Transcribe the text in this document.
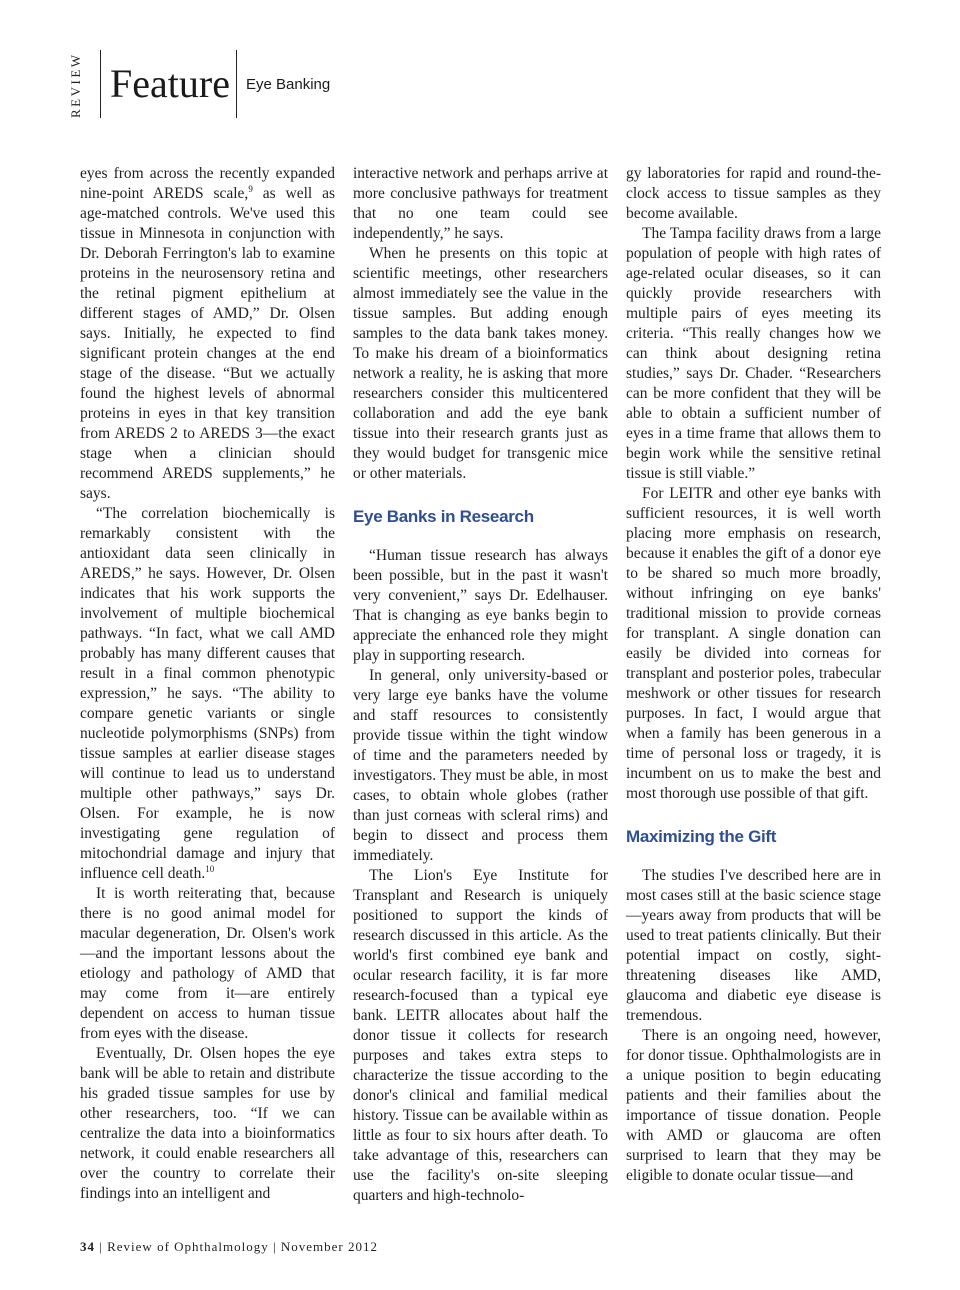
REVIEW Feature Eye Banking

eyes from across the recently expanded nine-point AREDS scale,$^9$ as well as age-matched controls. We've used this tissue in Minnesota in conjunction with Dr. Deborah Ferrington's lab to examine proteins in the neurosensory retina and the retinal pigment epithelium at different stages of AMD,” Dr. Olsen says. Initially, he expected to find significant protein changes at the end stage of the disease. “But we actually found the highest levels of abnormal proteins in eyes in that key transition from AREDS 2 to AREDS 3—the exact stage when a clinician should recommend AREDS supplements,” he says.

“The correlation biochemically is remarkably consistent with the antioxidant data seen clinically in AREDS,” he says. However, Dr. Olsen indicates that his work supports the involvement of multiple biochemical pathways. “In fact, what we call AMD probably has many different causes that result in a final common phenotypic expression,” he says. “The ability to compare genetic variants or single nucleotide polymorphisms (SNPs) from tissue samples at earlier disease stages will continue to lead us to understand multiple other pathways,” says Dr. Olsen. For example, he is now investigating gene regulation of mitochondrial damage and injury that influence cell death.$^{10}$

It is worth reiterating that, because there is no good animal model for macular degeneration, Dr. Olsen's work—and the important lessons about the etiology and pathology of AMD that may come from it—are entirely dependent on access to human tissue from eyes with the disease.

Eventually, Dr. Olsen hopes the eye bank will be able to retain and distribute his graded tissue samples for use by other researchers, too. “If we can centralize the data into a bioinformatics network, it could enable researchers all over the country to correlate their findings into an intelligent and

interactive network and perhaps arrive at more conclusive pathways for treatment that no one team could see independently,” he says.

When he presents on this topic at scientific meetings, other researchers almost immediately see the value in the tissue samples. But adding enough samples to the data bank takes money. To make his dream of a bioinformatics network a reality, he is asking that more researchers consider this multicentered collaboration and add the eye bank tissue into their research grants just as they would budget for transgenic mice or other materials.

Eye Banks in Research

“Human tissue research has always been possible, but in the past it wasn't very convenient,” says Dr. Edelhauser. That is changing as eye banks begin to appreciate the enhanced role they might play in supporting research.

In general, only university-based or very large eye banks have the volume and staff resources to consistently provide tissue within the tight window of time and the parameters needed by investigators. They must be able, in most cases, to obtain whole globes (rather than just corneas with scleral rims) and begin to dissect and process them immediately.

The Lion's Eye Institute for Transplant and Research is uniquely positioned to support the kinds of research discussed in this article. As the world's first combined eye bank and ocular research facility, it is far more research-focused than a typical eye bank. LEITR allocates about half the donor tissue it collects for research purposes and takes extra steps to characterize the tissue according to the donor's clinical and familial medical history. Tissue can be available within as little as four to six hours after death. To take advantage of this, researchers can use the facility's on-site sleeping quarters and high-technolo-

gy laboratories for rapid and round-the-clock access to tissue samples as they become available.

The Tampa facility draws from a large population of people with high rates of age-related ocular diseases, so it can quickly provide researchers with multiple pairs of eyes meeting its criteria. “This really changes how we can think about designing retina studies,” says Dr. Chader. “Researchers can be more confident that they will be able to obtain a sufficient number of eyes in a time frame that allows them to begin work while the sensitive retinal tissue is still viable.”

For LEITR and other eye banks with sufficient resources, it is well worth placing more emphasis on research, because it enables the gift of a donor eye to be shared so much more broadly, without infringing on eye banks' traditional mission to provide corneas for transplant. A single donation can easily be divided into corneas for transplant and posterior poles, trabecular meshwork or other tissues for research purposes. In fact, I would argue that when a family has been generous in a time of personal loss or tragedy, it is incumbent on us to make the best and most thorough use possible of that gift.

Maximizing the Gift

The studies I've described here are in most cases still at the basic science stage—years away from products that will be used to treat patients clinically. But their potential impact on costly, sight-threatening diseases like AMD, glaucoma and diabetic eye disease is tremendous.

There is an ongoing need, however, for donor tissue. Ophthalmologists are in a unique position to begin educating patients and their families about the importance of tissue donation. People with AMD or glaucoma are often surprised to learn that they may be eligible to donate ocular tissue—and

34 | Review of Ophthalmology | November 2012
